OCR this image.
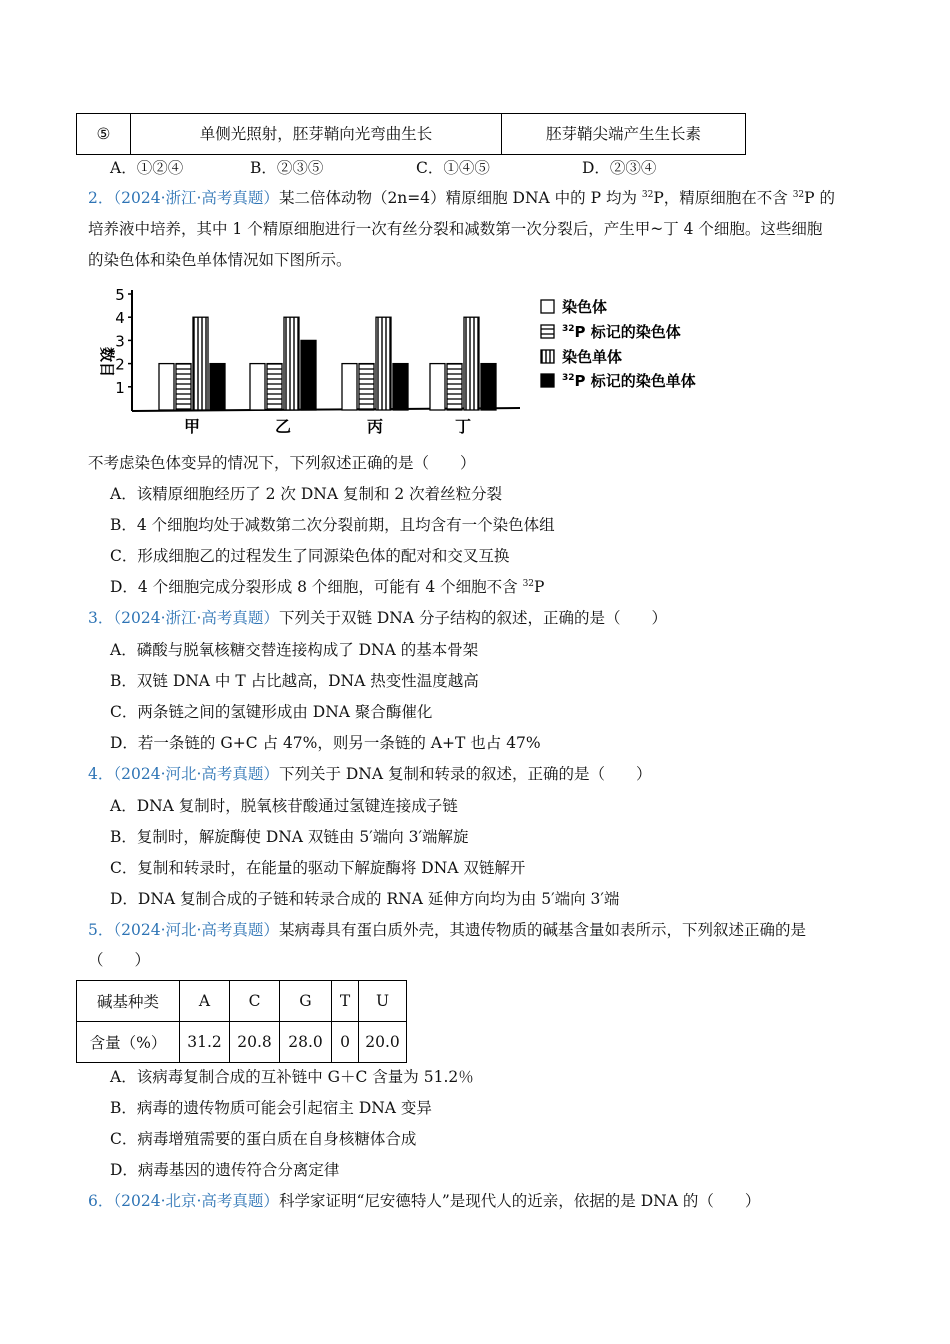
⑤	单侧光照射，胚芽鞘向光弯曲生长	胚芽鞘尖端产生生长素
A．①②④	B．②③⑤	C．①④⑤	D．②③④
2．（2024·浙江·高考真题）某二倍体动物（2n=4）精原细胞 DNA 中的 P 均为 $^{32}$P，精原细胞在不含 $^{32}$P 的
培养液中培养，其中 1 个精原细胞进行一次有丝分裂和减数第一次分裂后，产生甲~丁 4 个细胞。这些细胞
的染色体和染色单体情况如下图所示。
数目
1
2
3
4
5
甲	乙	丙	丁
染色体
$^{32}$P 标记的染色体
染色单体
$^{32}$P 标记的染色单体
不考虑染色体变异的情况下，下列叙述正确的是（　　）
A．该精原细胞经历了 2 次 DNA 复制和 2 次着丝粒分裂
B．4 个细胞均处于减数第二次分裂前期，且均含有一个染色体组
C．形成细胞乙的过程发生了同源染色体的配对和交叉互换
D．4 个细胞完成分裂形成 8 个细胞，可能有 4 个细胞不含 $^{32}$P
3．（2024·浙江·高考真题）下列关于双链 DNA 分子结构的叙述，正确的是（　　）
A．磷酸与脱氧核糖交替连接构成了 DNA 的基本骨架
B．双链 DNA 中 T 占比越高，DNA 热变性温度越高
C．两条链之间的氢键形成由 DNA 聚合酶催化
D．若一条链的 G+C 占 47%，则另一条链的 A+T 也占 47%
4．（2024·河北·高考真题）下列关于 DNA 复制和转录的叙述，正确的是（　　）
A．DNA 复制时，脱氧核苷酸通过氢键连接成子链
B．复制时，解旋酶使 DNA 双链由 5′端向 3′端解旋
C．复制和转录时，在能量的驱动下解旋酶将 DNA 双链解开
D．DNA 复制合成的子链和转录合成的 RNA 延伸方向均为由 5′端向 3′端
5．（2024·河北·高考真题）某病毒具有蛋白质外壳，其遗传物质的碱基含量如表所示，下列叙述正确的是
（　　）
碱基种类	A	C	G	T	U
含量（%）	31.2	20.8	28.0	0	20.0
A．该病毒复制合成的互补链中 G＋C 含量为 51.2％
B．病毒的遗传物质可能会引起宿主 DNA 变异
C．病毒增殖需要的蛋白质在自身核糖体合成
D．病毒基因的遗传符合分离定律
6．（2024·北京·高考真题）科学家证明“尼安德特人”是现代人的近亲，依据的是 DNA 的（　　）
